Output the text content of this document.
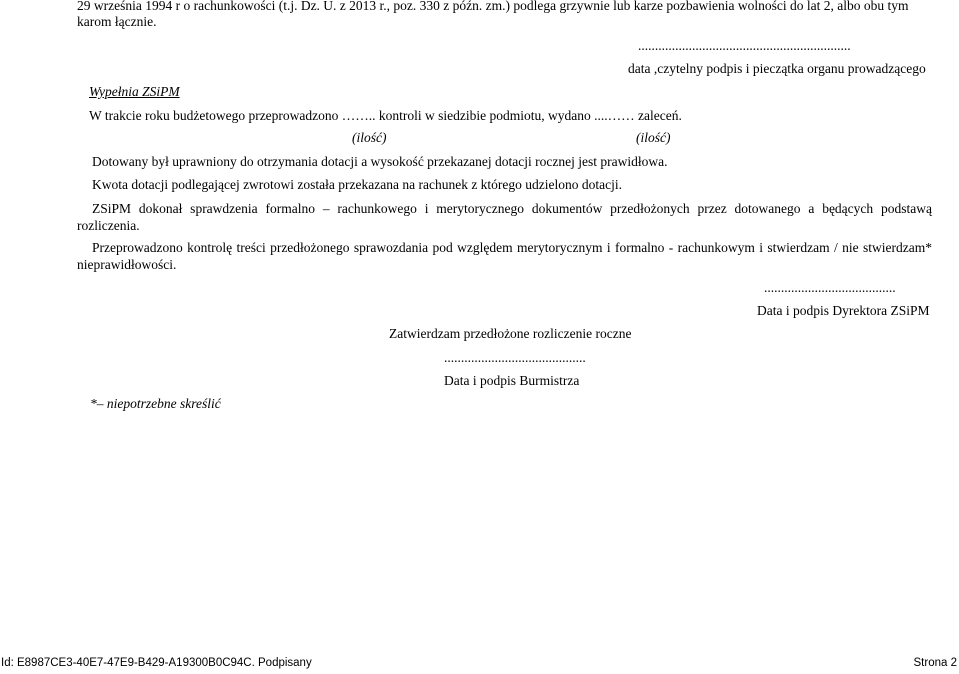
29 września 1994 r o rachunkowości (t.j. Dz. U. z 2013 r., poz. 330 z późn. zm.) podlega grzywnie lub karze pozbawienia wolności do lat 2, albo obu tym
karom łącznie.
...............................................................
data ,czytelny podpis i pieczątka organu prowadzącego
Wypełnia ZSiPM
W trakcie roku budżetowego przeprowadzono …….. kontroli w siedzibie podmiotu, wydano ....…… zaleceń.
(ilość)	(ilość)
Dotowany był uprawniony do otrzymania dotacji a wysokość przekazanej dotacji rocznej jest prawidłowa.
Kwota dotacji podlegającej zwrotowi została przekazana na rachunek z którego udzielono dotacji.
ZSiPM dokonał sprawdzenia formalno – rachunkowego i merytorycznego dokumentów przedłożonych przez dotowanego a będących podstawą
rozliczenia.
Przeprowadzono kontrolę treści przedłożonego sprawozdania pod względem merytorycznym i formalno - rachunkowym i stwierdzam / nie stwierdzam*
nieprawidłowości.
.......................................
Data i podpis Dyrektora ZSiPM
Zatwierdzam przedłożone rozliczenie roczne
..........................................
Data i podpis Burmistrza
*– niepotrzebne skreślić
Id: E8987CE3-40E7-47E9-B429-A19300B0C94C. Podpisany	Strona 2
